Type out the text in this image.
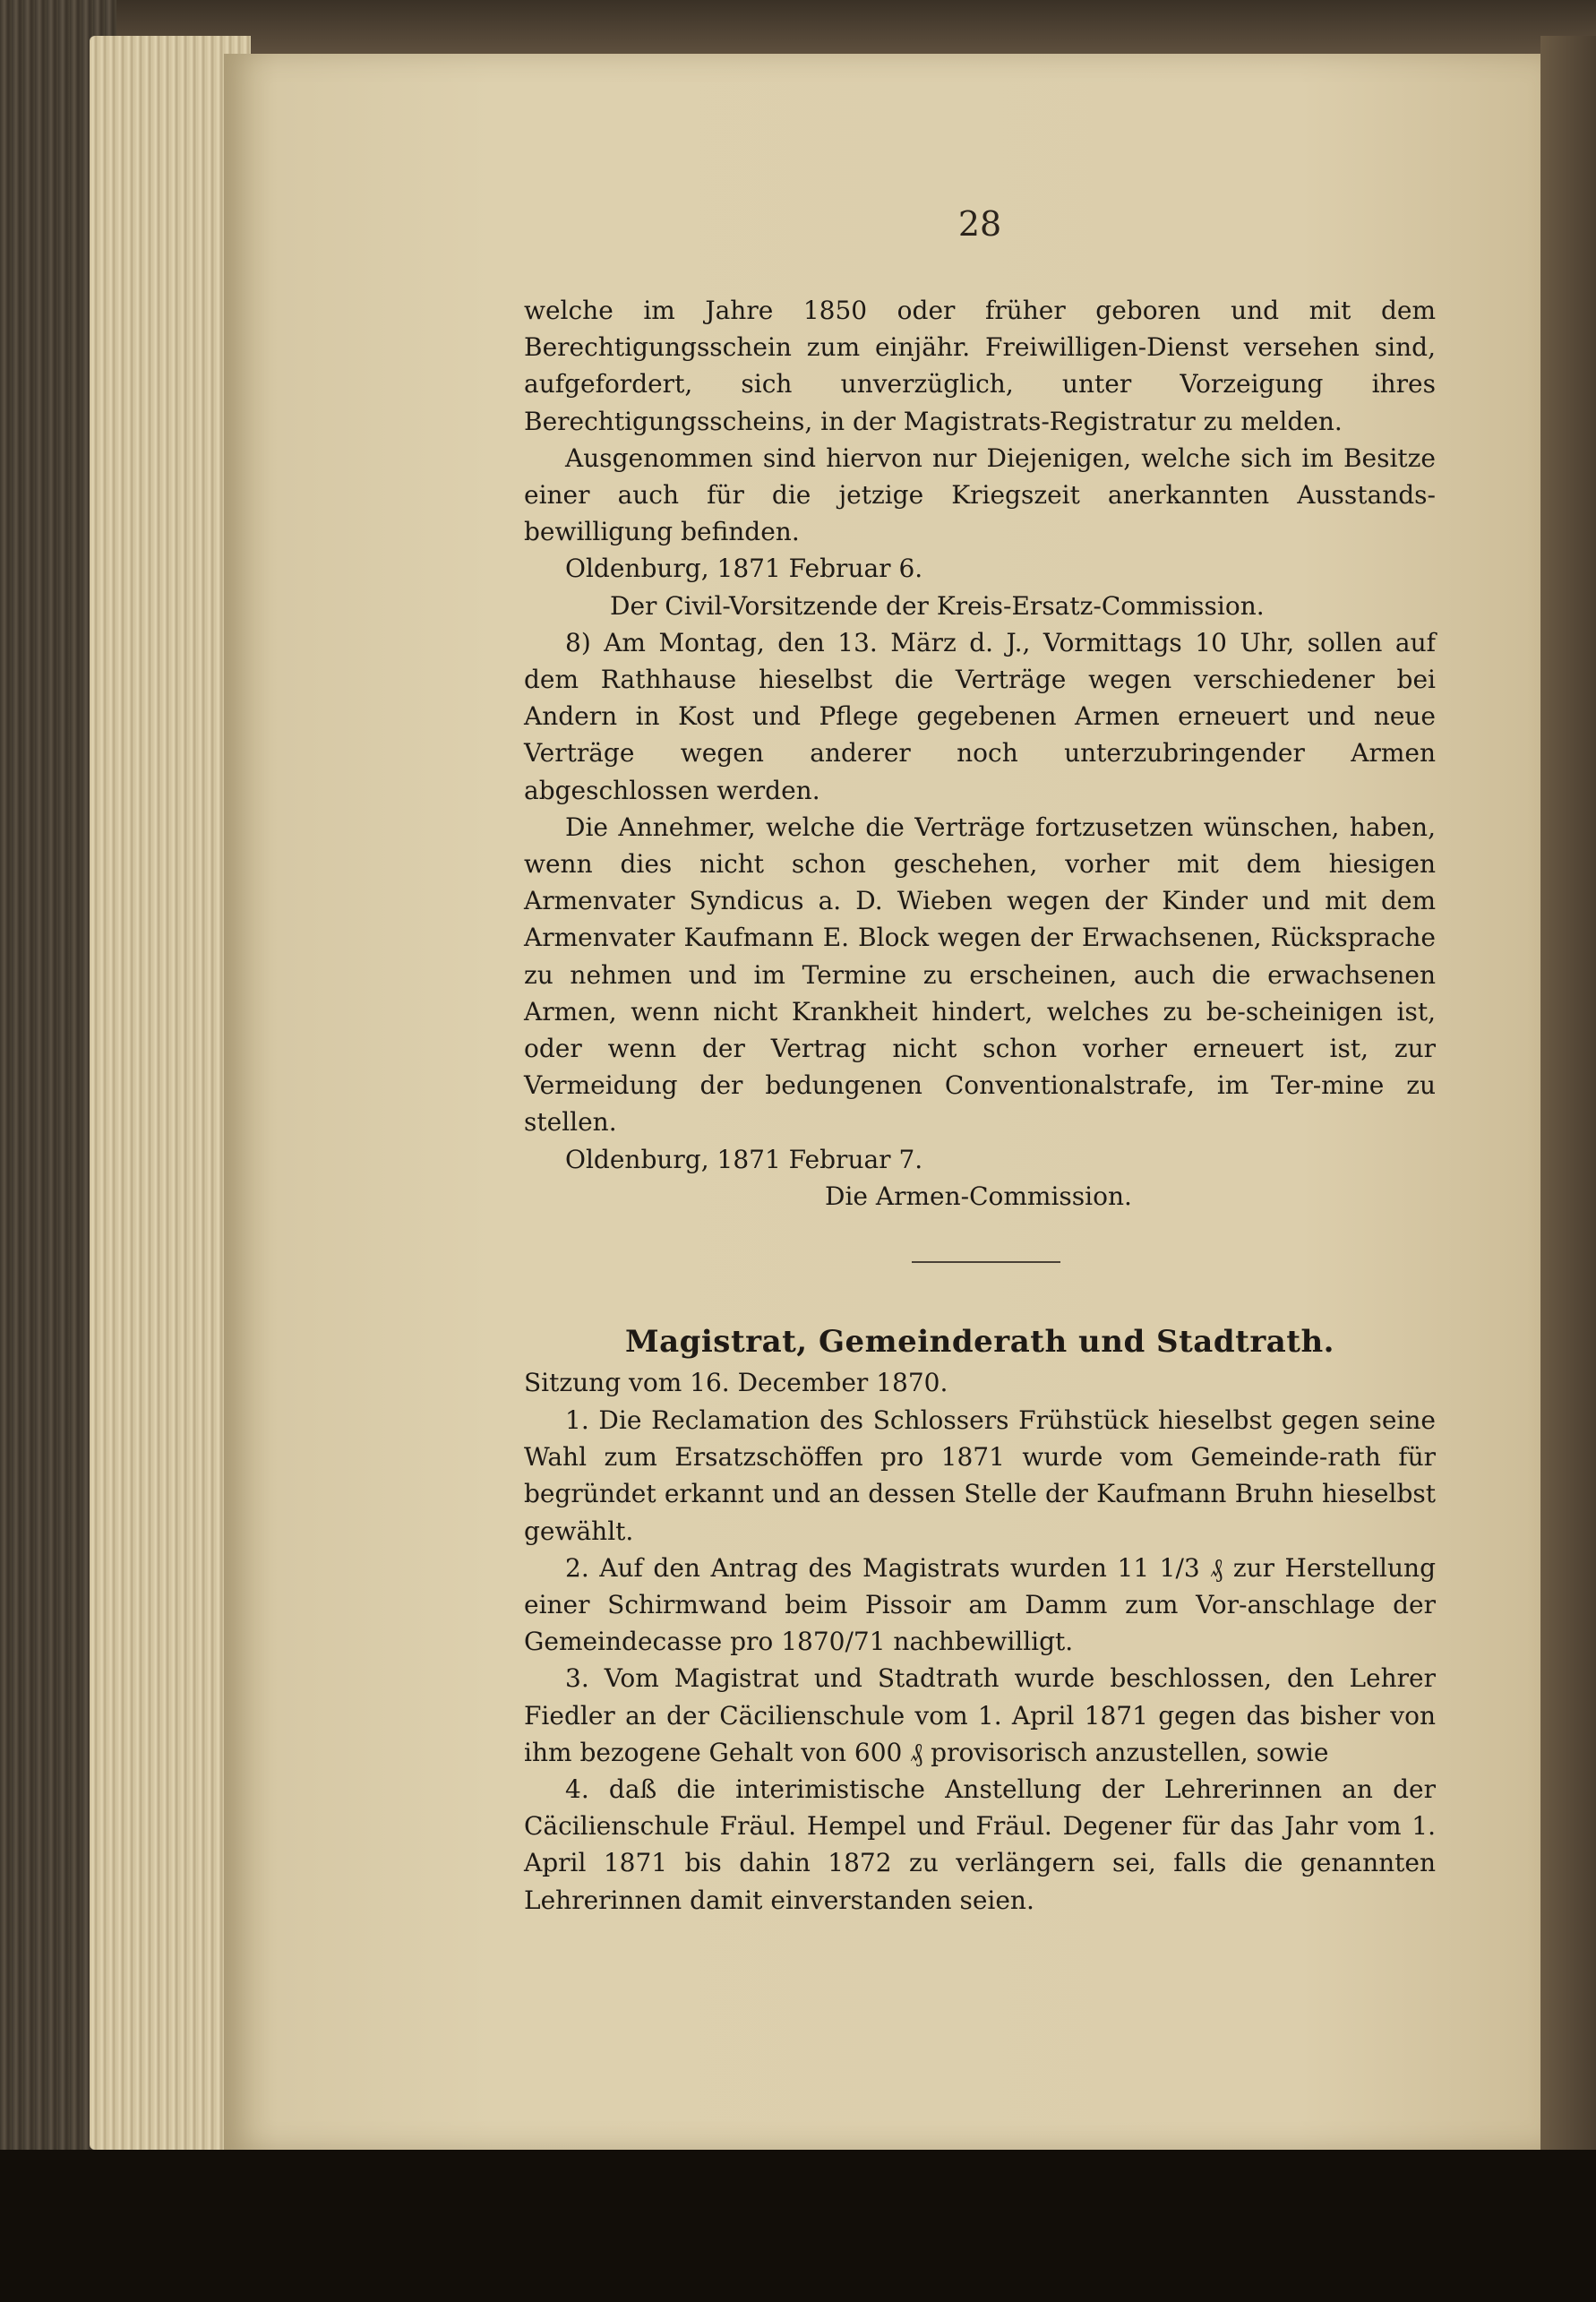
28

welche im Jahre 1850 oder früher geboren und mit dem Berechtigungsschein zum einjähr. Freiwilligen-Dienst versehen sind, aufgefordert, sich unverzüglich, unter Vorzeigung ihres Berechtigungsscheins, in der Magistrats-Registratur zu melden.

Ausgenommen sind hiervon nur Diejenigen, welche sich im Besitze einer auch für die jetzige Kriegszeit anerkannten Ausstands-bewilligung befinden.

Oldenburg, 1871 Februar 6.

Der Civil-Vorsitzende der Kreis-Ersatz-Commission.

8) Am Montag, den 13. März d. J., Vormittags 10 Uhr, sollen auf dem Rathhause hieselbst die Verträge wegen verschiedener bei Andern in Kost und Pflege gegebenen Armen erneuert und neue Verträge wegen anderer noch unterzubringender Armen abgeschlossen werden.

Die Annehmer, welche die Verträge fortzusetzen wünschen, haben, wenn dies nicht schon geschehen, vorher mit dem hiesigen Armenvater Syndicus a. D. Wieben wegen der Kinder und mit dem Armenvater Kaufmann E. Block wegen der Erwachsenen, Rücksprache zu nehmen und im Termine zu erscheinen, auch die erwachsenen Armen, wenn nicht Krankheit hindert, welches zu be-scheinigen ist, oder wenn der Vertrag nicht schon vorher erneuert ist, zur Vermeidung der bedungenen Conventionalstrafe, im Ter-mine zu stellen.

Oldenburg, 1871 Februar 7.

Die Armen-Commission.

Magistrat, Gemeinderath und Stadtrath.

Sitzung vom 16. December 1870.

1. Die Reclamation des Schlossers Frühstück hieselbst gegen seine Wahl zum Ersatzschöffen pro 1871 wurde vom Gemeinde-rath für begründet erkannt und an dessen Stelle der Kaufmann Bruhn hieselbst gewählt.

2. Auf den Antrag des Magistrats wurden 11 1/3 ₰ zur Herstellung einer Schirmwand beim Pissoir am Damm zum Vor-anschlage der Gemeindecasse pro 1870/71 nachbewilligt.

3. Vom Magistrat und Stadtrath wurde beschlossen, den Lehrer Fiedler an der Cäcilienschule vom 1. April 1871 gegen das bisher von ihm bezogene Gehalt von 600 ₰ provisorisch anzustellen, sowie

4. daß die interimistische Anstellung der Lehrerinnen an der Cäcilienschule Fräul. Hempel und Fräul. Degener für das Jahr vom 1. April 1871 bis dahin 1872 zu verlängern sei, falls die genannten Lehrerinnen damit einverstanden seien.
